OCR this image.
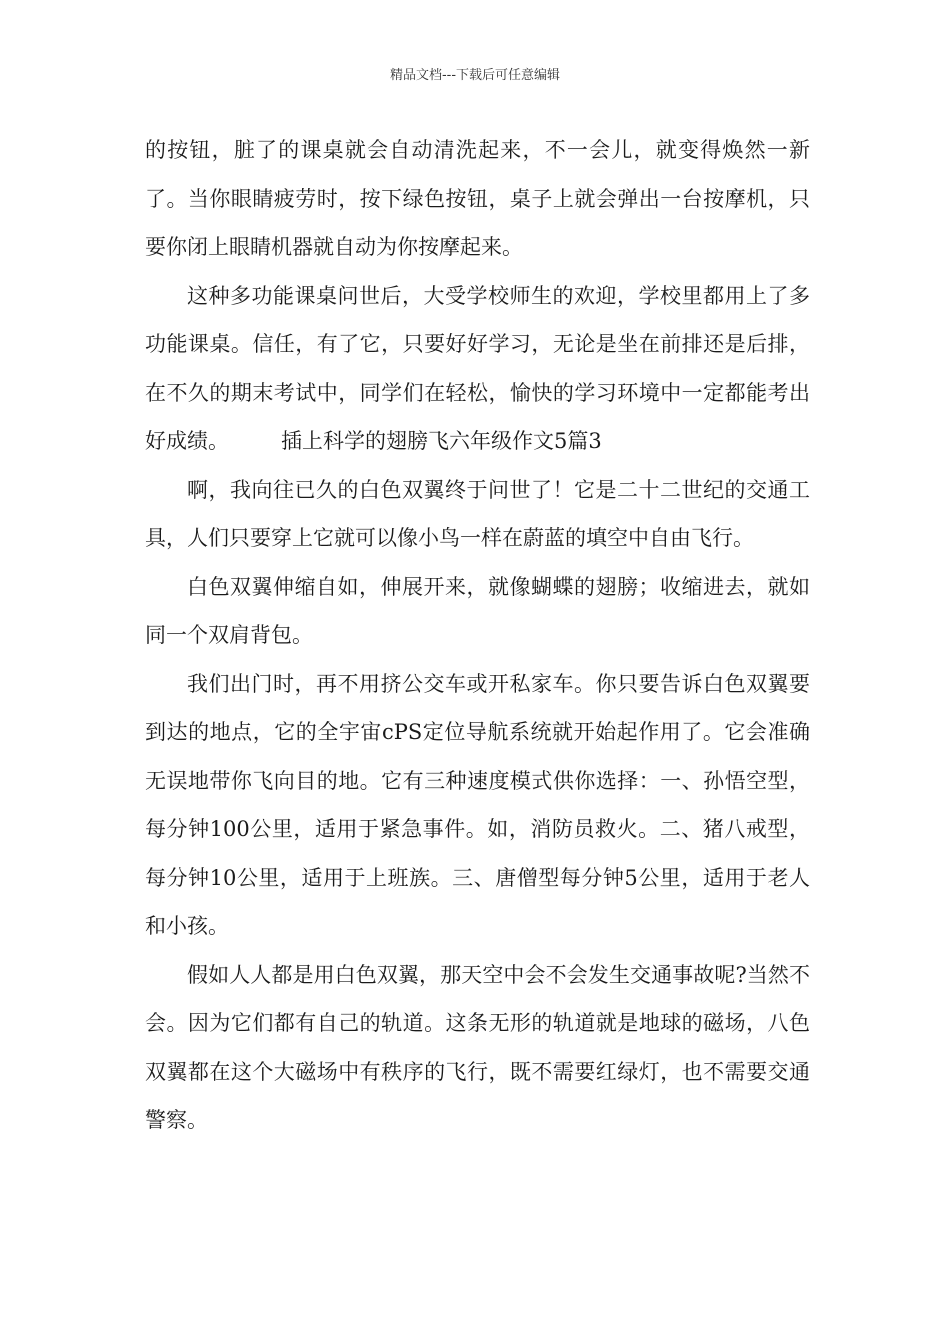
精品文档---下载后可任意编辑

的按钮，脏了的课桌就会自动清洗起来，不一会儿，就变得焕然一新了。当你眼睛疲劳时，按下绿色按钮，桌子上就会弹出一台按摩机，只要你闭上眼睛机器就自动为你按摩起来。

这种多功能课桌问世后，大受学校师生的欢迎，学校里都用上了多功能课桌。信任，有了它，只要好好学习，无论是坐在前排还是后排，在不久的期末考试中，同学们在轻松，愉快的学习环境中一定都能考出好成绩。 插上科学的翅膀飞六年级作文5篇3

啊，我向往已久的白色双翼终于问世了！它是二十二世纪的交通工具，人们只要穿上它就可以像小鸟一样在蔚蓝的填空中自由飞行。

白色双翼伸缩自如，伸展开来，就像蝴蝶的翅膀；收缩进去，就如同一个双肩背包。

我们出门时，再不用挤公交车或开私家车。你只要告诉白色双翼要到达的地点，它的全宇宙cPS定位导航系统就开始起作用了。它会准确无误地带你飞向目的地。它有三种速度模式供你选择：一、孙悟空型，每分钟100公里，适用于紧急事件。如，消防员救火。二、猪八戒型，每分钟10公里，适用于上班族。三、唐僧型每分钟5公里，适用于老人和小孩。

假如人人都是用白色双翼，那天空中会不会发生交通事故呢?当然不会。因为它们都有自己的轨道。这条无形的轨道就是地球的磁场，八色双翼都在这个大磁场中有秩序的飞行，既不需要红绿灯，也不需要交通警察。
